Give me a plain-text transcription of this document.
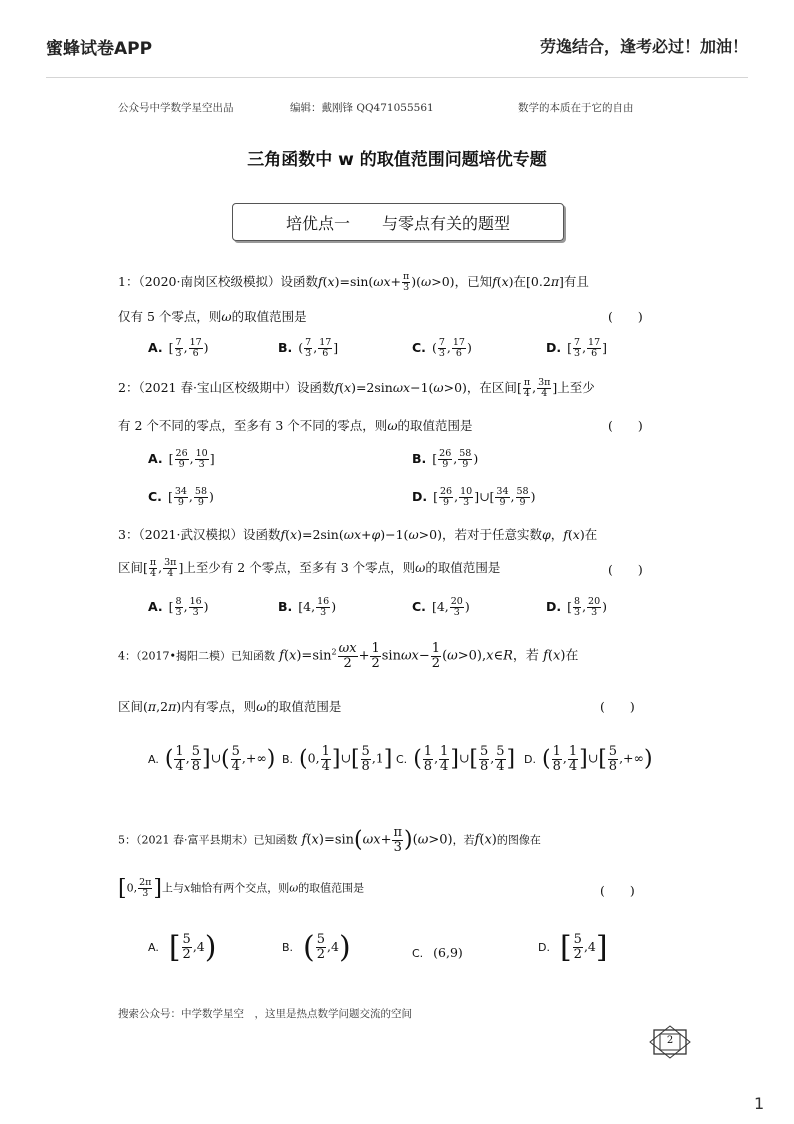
蜜蜂试卷APP	劳逸结合，逢考必过！加油！
公众号中学数学星空出品	编辑：戴刚锋 QQ471055561	数学的本质在于它的自由
三角函数中 w 的取值范围问题培优专题
培优点一 与零点有关的题型
1：（2020·南岗区校级模拟）设函数$f(x)=\sin(\omega x+ \frac{\pi}{3} )(\omega>0)$，已知f(x)在[0.2π]有且
仅有 5 个零点，则ω的取值范围是	(　　)
A. [ $\frac{7}{3}$ , $\frac{17}{6}$ )	B. ( $\frac{7}{3}$ , $\frac{17}{6}$ ]	C. ( $\frac{7}{3}$ , $\frac{17}{6}$ )	D. [ $\frac{7}{3}$ , $\frac{17}{6}$ ]
2：（2021 春·宝山区校级期中）设函数f(x)=2sinωx−1(ω>0)，在区间[ $\frac{\pi}{4}$ , $\frac{3\pi}{4}$ ]上至少
有 2 个不同的零点，至多有 3 个不同的零点，则ω的取值范围是	(　　)
A. [ $\frac{26}{9}$ , $\frac{10}{3}$ ]	B. [ $\frac{26}{9}$ , $\frac{58}{9}$ )
C. [ $\frac{34}{9}$ , $\frac{58}{9}$ )	D. [ $\frac{26}{9}$ , $\frac{10}{3}$ ]∪[ $\frac{34}{9}$ , $\frac{58}{9}$ )
3：（2021·武汉模拟）设函数f(x)=2sin(ωx+φ)−1(ω>0)，若对于任意实数φ，f(x)在
区间[ $\frac{\pi}{4}$ , $\frac{3\pi}{4}$ ]上至少有 2 个零点，至多有 3 个零点，则ω的取值范围是	(　　)
A. [ $\frac{8}{3}$ , $\frac{16}{3}$ )	B. [4, $\frac{16}{3}$ )	C. [4, $\frac{20}{3}$ )	D. [ $\frac{8}{3}$ , $\frac{20}{3}$ )
4：（2017•揭阳二模）已知函数 $f(x)=\sin^2 \frac{\omega x}{2} + \frac{1}{2} \sin\omega x- \frac{1}{2}$ (ω>0),x∈R，若 f(x)在
区间(π,2π)内有零点，则ω的取值范围是	(　　)
A. ( $\frac{1}{4}$ , $\frac{5}{8}$ ]∪( $\frac{5}{4}$ ,+∞) B. (0, $\frac{1}{4}$ ]∪[ $\frac{5}{8} ,1$] C. ( $\frac{1}{8}$ , $\frac{1}{4}$ ]∪[ $\frac{5}{8}$ , $\frac{5}{4}$ ] D. ( $\frac{1}{8}$ , $\frac{1}{4}$ ]∪[ $\frac{5}{8}$ ,+∞)
5：（2021 春·富平县期末）已知函数 $f(x)=\sin(\omega x+ \frac{\pi}{3} )(\omega>0)$，若f(x)的图像在
[0, $\frac{2\pi}{3}$ ]上与x轴恰有两个交点，则ω的取值范围是	(　　)
A. [ $\frac{5}{2} ,4$)	B. ( $\frac{5}{2} ,4$)	C. (6,9)	D. [ $\frac{5}{2} ,4$]
搜索公众号：中学数学星空　，这里是热点数学问题交流的空间
2
1
